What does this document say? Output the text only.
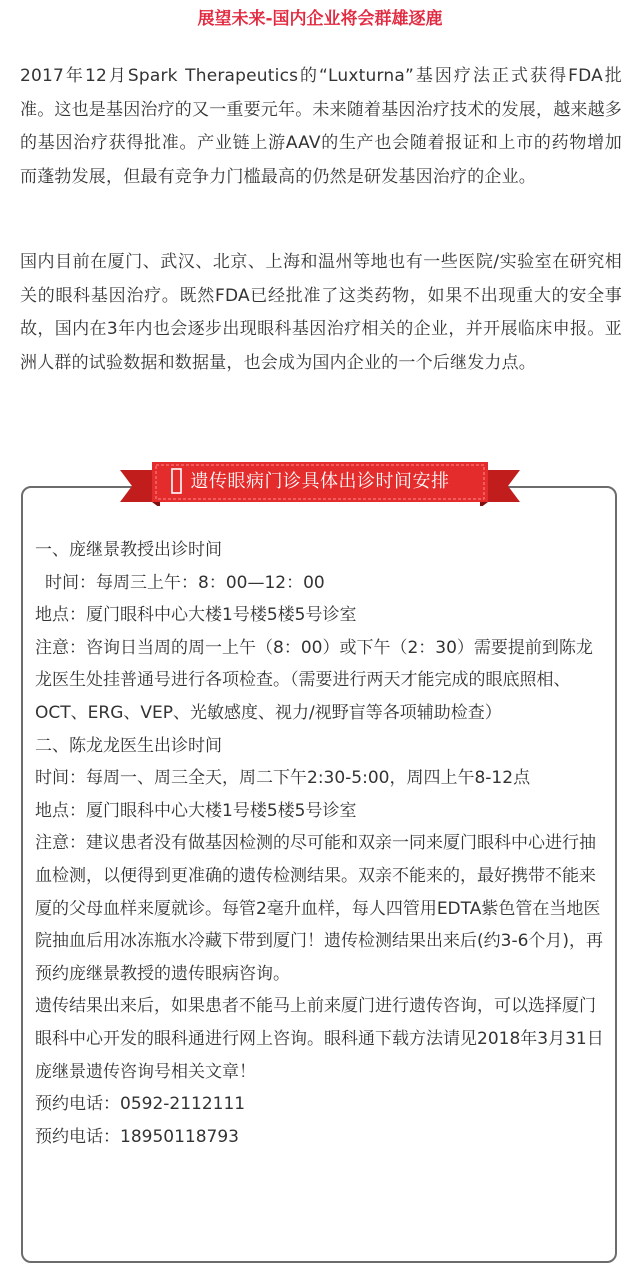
展望未来-国内企业将会群雄逐鹿

2017年12月Spark Therapeutics的“Luxturna”基因疗法正式获得FDA批准。这也是基因治疗的又一重要元年。未来随着基因治疗技术的发展，越来越多的基因治疗获得批准。产业链上游AAV的生产也会随着报证和上市的药物增加而蓬勃发展，但最有竞争力门槛最高的仍然是研发基因治疗的企业。

国内目前在厦门、武汉、北京、上海和温州等地也有一些医院/实验室在研究相关的眼科基因治疗。既然FDA已经批准了这类药物，如果不出现重大的安全事故，国内在3年内也会逐步出现眼科基因治疗相关的企业，并开展临床申报。亚洲人群的试验数据和数据量，也会成为国内企业的一个后继发力点。

一、庞继景教授出诊时间

时间：每周三上午：8：00—12：00

地点：厦门眼科中心大楼1号楼5楼5号诊室

注意：咨询日当周的周一上午（8：00）或下午（2：30）需要提前到陈龙龙医生处挂普通号进行各项检查。（需要进行两天才能完成的眼底照相、OCT、ERG、VEP、光敏感度、视力/视野盲等各项辅助检查）

二、陈龙龙医生出诊时间

时间：每周一、周三全天，周二下午2:30-5:00，周四上午8-12点

地点：厦门眼科中心大楼1号楼5楼5号诊室

注意：建议患者没有做基因检测的尽可能和双亲一同来厦门眼科中心进行抽血检测，以便得到更准确的遗传检测结果。双亲不能来的，最好携带不能来厦的父母血样来厦就诊。每管2毫升血样，每人四管用EDTA紫色管在当地医院抽血后用冰冻瓶水冷藏下带到厦门！遗传检测结果出来后(约3-6个月)，再预约庞继景教授的遗传眼病咨询。

遗传结果出来后，如果患者不能马上前来厦门进行遗传咨询，可以选择厦门眼科中心开发的眼科通进行网上咨询。眼科通下载方法请见2018年3月31日庞继景遗传咨询号相关文章！

预约电话：0592-2112111

预约电话：18950118793

遗传眼病门诊具体出诊时间安排
